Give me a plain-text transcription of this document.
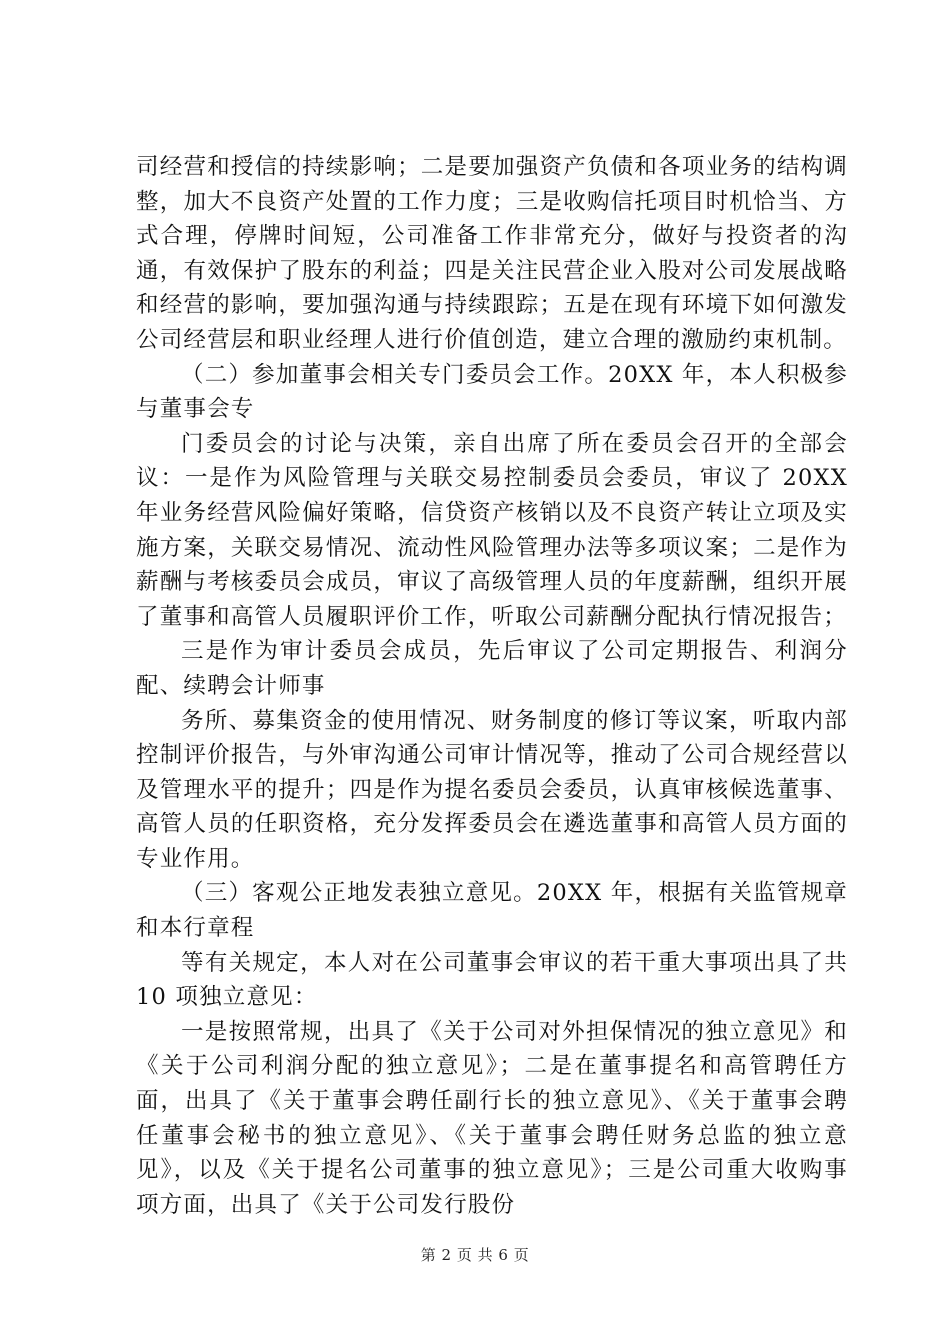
司经营和授信的持续影响；二是要加强资产负债和各项业务的结构调整，加大不良资产处置的工作力度；三是收购信托项目时机恰当、方式合理，停牌时间短，公司准备工作非常充分，做好与投资者的沟通，有效保护了股东的利益；四是关注民营企业入股对公司发展战略和经营的影响，要加强沟通与持续跟踪；五是在现有环境下如何激发公司经营层和职业经理人进行价值创造，建立合理的激励约束机制。

（二）参加董事会相关专门委员会工作。20XX 年，本人积极参与董事会专

门委员会的讨论与决策，亲自出席了所在委员会召开的全部会议：一是作为风险管理与关联交易控制委员会委员，审议了 20XX 年业务经营风险偏好策略，信贷资产核销以及不良资产转让立项及实施方案，关联交易情况、流动性风险管理办法等多项议案；二是作为薪酬与考核委员会成员，审议了高级管理人员的年度薪酬，组织开展了董事和高管人员履职评价工作，听取公司薪酬分配执行情况报告；

三是作为审计委员会成员，先后审议了公司定期报告、利润分配、续聘会计师事

务所、募集资金的使用情况、财务制度的修订等议案，听取内部控制评价报告，与外审沟通公司审计情况等，推动了公司合规经营以及管理水平的提升；四是作为提名委员会委员，认真审核候选董事、高管人员的任职资格，充分发挥委员会在遴选董事和高管人员方面的专业作用。

（三）客观公正地发表独立意见。20XX 年，根据有关监管规章和本行章程

等有关规定，本人对在公司董事会审议的若干重大事项出具了共 10 项独立意见：

一是按照常规，出具了《关于公司对外担保情况的独立意见》和《关于公司利润分配的独立意见》；二是在董事提名和高管聘任方面，出具了《关于董事会聘任副行长的独立意见》、《关于董事会聘任董事会秘书的独立意见》、《关于董事会聘任财务总监的独立意见》，以及《关于提名公司董事的独立意见》；三是公司重大收购事项方面，出具了《关于公司发行股份

第 2 页 共 6 页
